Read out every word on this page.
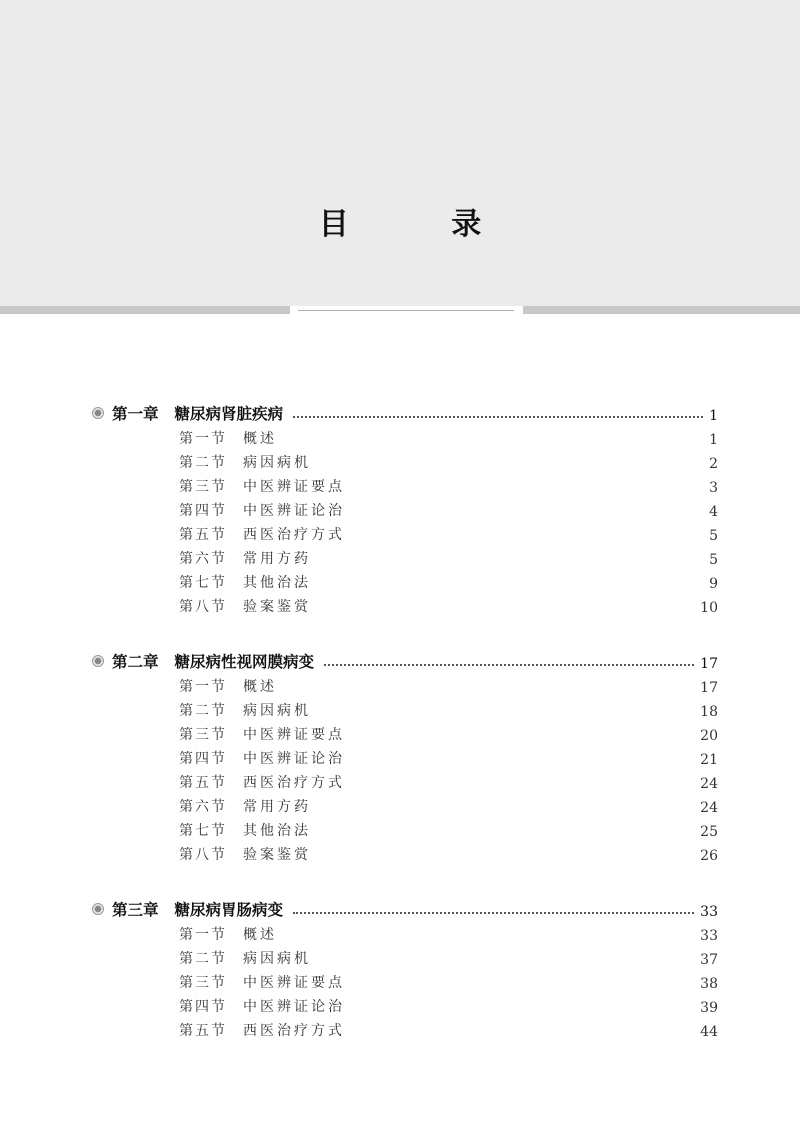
目 录
第一章 糖尿病肾脏疾病	1
第一节	概述	1
第二节	病因病机	2
第三节	中医辨证要点	3
第四节	中医辨证论治	4
第五节	西医治疗方式	5
第六节	常用方药	5
第七节	其他治法	9
第八节	验案鉴赏	10
第二章 糖尿病性视网膜病变	17
第一节	概述	17
第二节	病因病机	18
第三节	中医辨证要点	20
第四节	中医辨证论治	21
第五节	西医治疗方式	24
第六节	常用方药	24
第七节	其他治法	25
第八节	验案鉴赏	26
第三章 糖尿病胃肠病变	33
第一节	概述	33
第二节	病因病机	37
第三节	中医辨证要点	38
第四节	中医辨证论治	39
第五节	西医治疗方式	44
